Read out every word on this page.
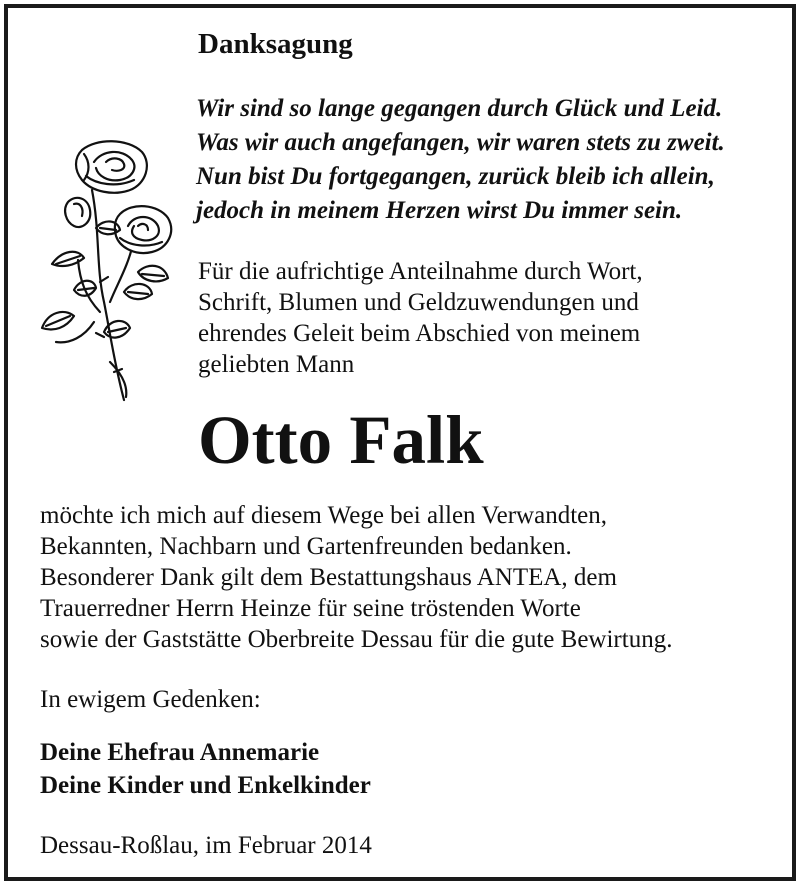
Danksagung
Wir sind so lange gegangen durch Glück und Leid.
Was wir auch angefangen, wir waren stets zu zweit.
Nun bist Du fortgegangen, zurück bleib ich allein,
jedoch in meinem Herzen wirst Du immer sein.
Für die aufrichtige Anteilnahme durch Wort,
Schrift, Blumen und Geldzuwendungen und
ehrendes Geleit beim Abschied von meinem
geliebten Mann
Otto Falk
möchte ich mich auf diesem Wege bei allen Verwandten,
Bekannten, Nachbarn und Gartenfreunden bedanken.
Besonderer Dank gilt dem Bestattungshaus ANTEA, dem
Trauerredner Herrn Heinze für seine tröstenden Worte
sowie der Gaststätte Oberbreite Dessau für die gute Bewirtung.

In ewigem Gedenken:

Deine Ehefrau Annemarie
Deine Kinder und Enkelkinder

Dessau-Roßlau, im Februar 2014
